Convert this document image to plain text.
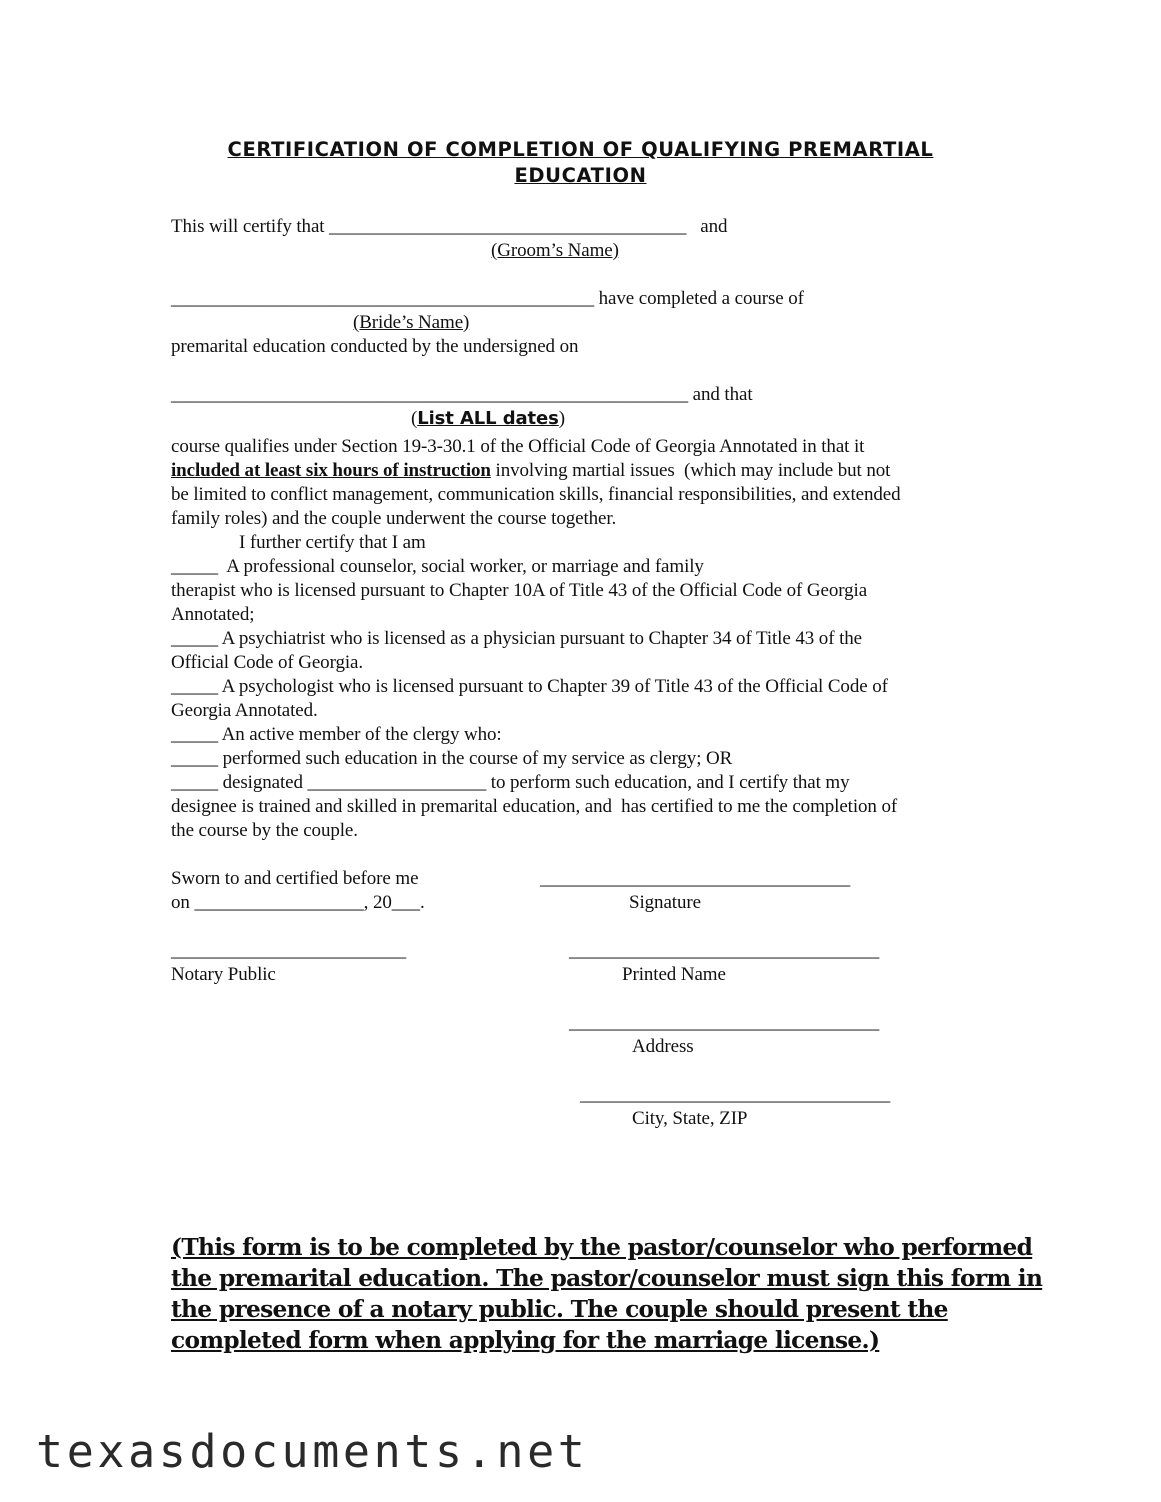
CERTIFICATION OF COMPLETION OF QUALIFYING PREMARTIAL
EDUCATION
This will certify that ______________________________________   and
(Groom’s Name)
_____________________________________________ have completed a course of
(Bride’s Name)
premarital education conducted by the undersigned on
_______________________________________________________ and that
(List ALL dates)
course qualifies under Section 19-3-30.1 of the Official Code of Georgia Annotated in that it
included at least six hours of instruction involving martial issues  (which may include but not
be limited to conflict management, communication skills, financial responsibilities, and extended
family roles) and the couple underwent the course together.
I further certify that I am
_____  A professional counselor, social worker, or marriage and family
therapist who is licensed pursuant to Chapter 10A of Title 43 of the Official Code of Georgia
Annotated;
_____ A psychiatrist who is licensed as a physician pursuant to Chapter 34 of Title 43 of the
Official Code of Georgia.
_____ A psychologist who is licensed pursuant to Chapter 39 of Title 43 of the Official Code of
Georgia Annotated.
_____ An active member of the clergy who:
_____ performed such education in the course of my service as clergy; OR
_____ designated ___________________ to perform such education, and I certify that my
designee is trained and skilled in premarital education, and  has certified to me the completion of
the course by the couple.
Sworn to and certified before me	_________________________________
on __________________, 20___.	Signature
_________________________	_________________________________
Notary Public	Printed Name
_________________________________
Address
_________________________________
City, State, ZIP
(This form is to be completed by the pastor/counselor who performed
the premarital education. The pastor/counselor must sign this form in
the presence of a notary public. The couple should present the
completed form when applying for the marriage license.)
texasdocuments.net
